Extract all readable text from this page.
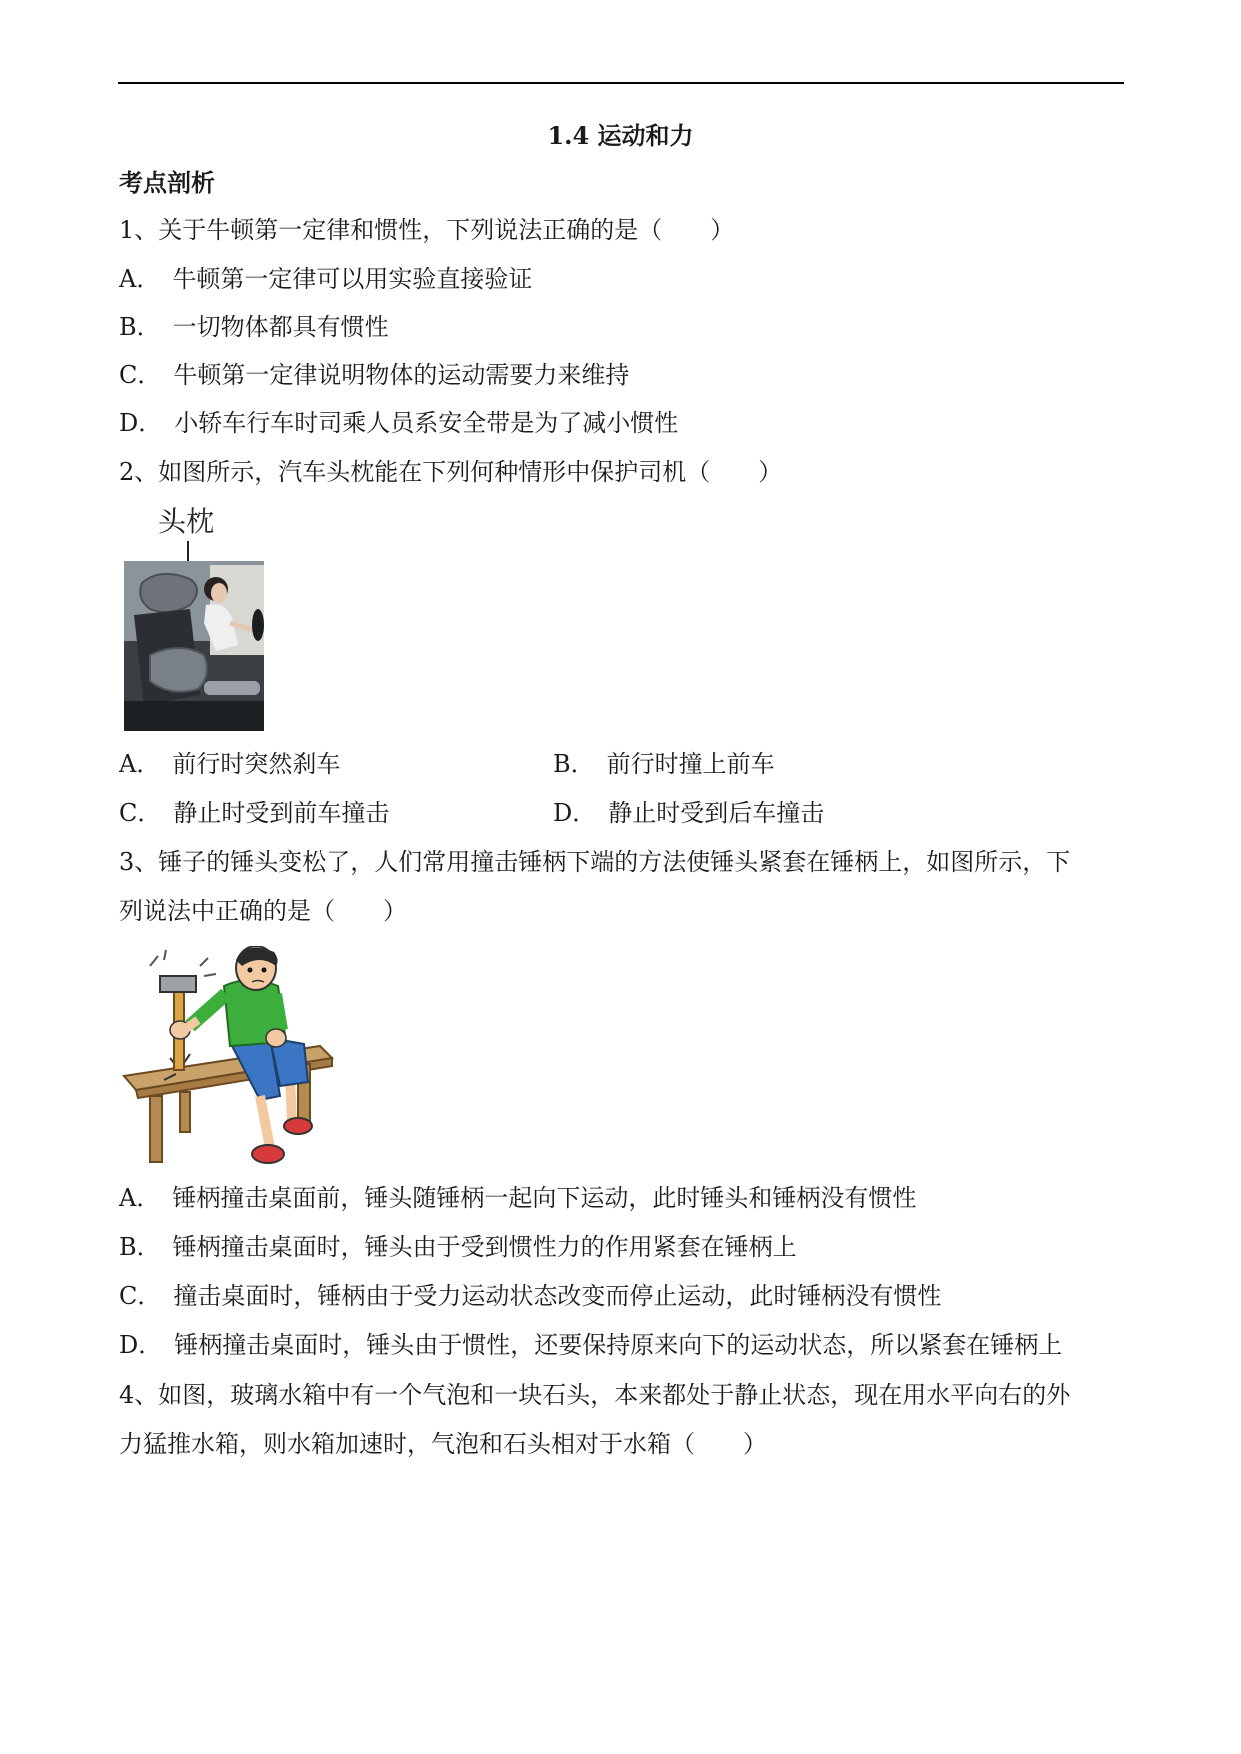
1.4 运动和力
考点剖析
1、关于牛顿第一定律和惯性，下列说法正确的是（　　）
A． 牛顿第一定律可以用实验直接验证
B． 一切物体都具有惯性
C． 牛顿第一定律说明物体的运动需要力来维持
D． 小轿车行车时司乘人员系安全带是为了减小惯性
2、如图所示，汽车头枕能在下列何种情形中保护司机（　　）
头枕
A． 前行时突然刹车	B． 前行时撞上前车
C． 静止时受到前车撞击	D． 静止时受到后车撞击
3、锤子的锤头变松了，人们常用撞击锤柄下端的方法使锤头紧套在锤柄上，如图所示，下
列说法中正确的是（　　）
A． 锤柄撞击桌面前，锤头随锤柄一起向下运动，此时锤头和锤柄没有惯性
B． 锤柄撞击桌面时，锤头由于受到惯性力的作用紧套在锤柄上
C． 撞击桌面时，锤柄由于受力运动状态改变而停止运动，此时锤柄没有惯性
D． 锤柄撞击桌面时，锤头由于惯性，还要保持原来向下的运动状态，所以紧套在锤柄上
4、如图，玻璃水箱中有一个气泡和一块石头，本来都处于静止状态，现在用水平向右的外
力猛推水箱，则水箱加速时，气泡和石头相对于水箱（　　）
